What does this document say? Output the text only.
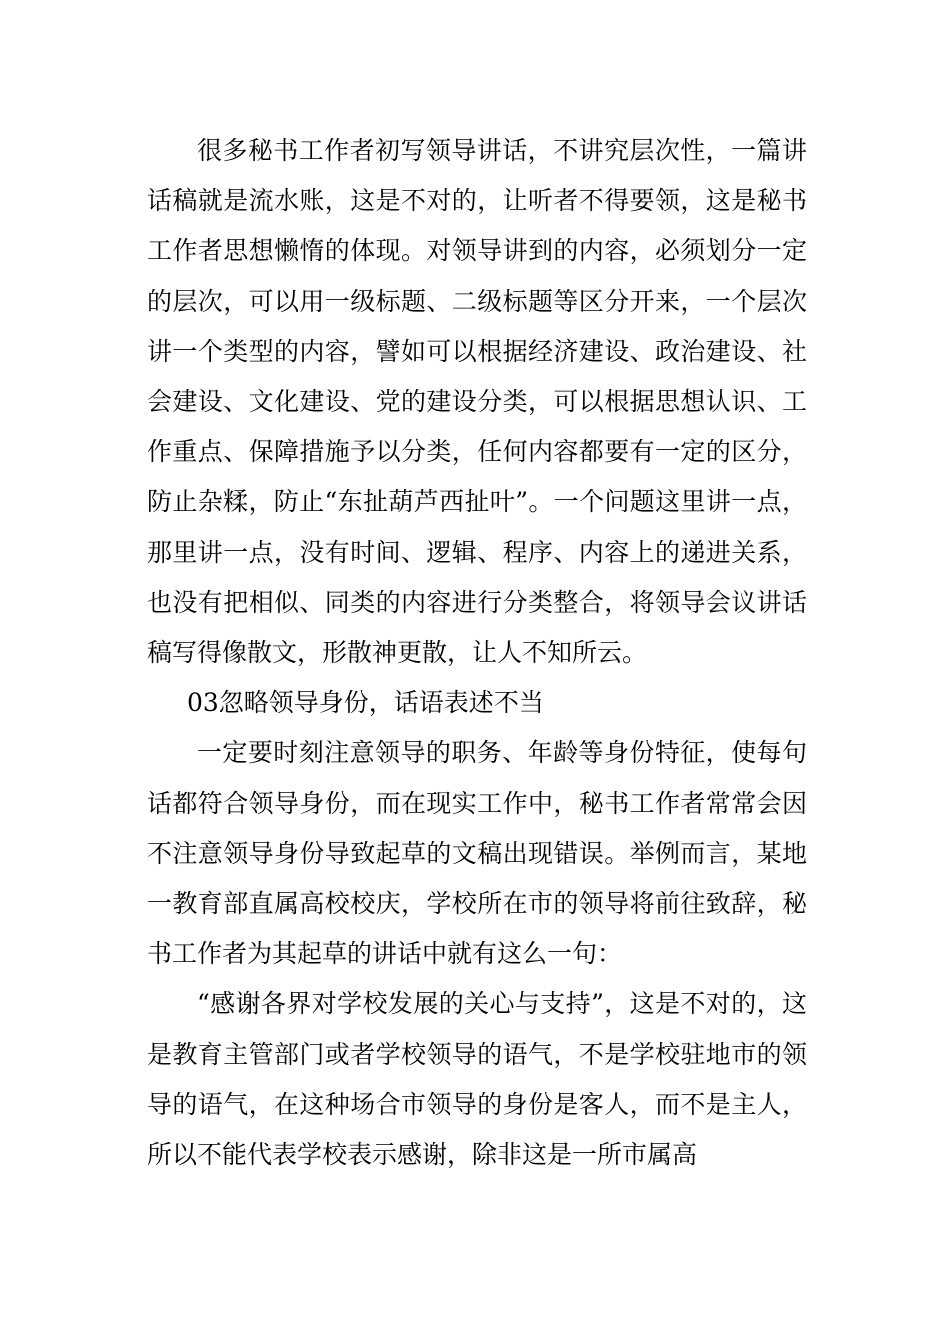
很多秘书工作者初写领导讲话，不讲究层次性，一篇讲话稿就是流水账，这是不对的，让听者不得要领，这是秘书工作者思想懒惰的体现。对领导讲到的内容，必须划分一定的层次，可以用一级标题、二级标题等区分开来，一个层次讲一个类型的内容，譬如可以根据经济建设、政治建设、社会建设、文化建设、党的建设分类，可以根据思想认识、工作重点、保障措施予以分类，任何内容都要有一定的区分，防止杂糅，防止“东扯葫芦西扯叶”。一个问题这里讲一点，那里讲一点，没有时间、逻辑、程序、内容上的递进关系，也没有把相似、同类的内容进行分类整合，将领导会议讲话稿写得像散文，形散神更散，让人不知所云。

03忽略领导身份，话语表述不当

一定要时刻注意领导的职务、年龄等身份特征，使每句话都符合领导身份，而在现实工作中，秘书工作者常常会因不注意领导身份导致起草的文稿出现错误。举例而言，某地一教育部直属高校校庆，学校所在市的领导将前往致辞，秘书工作者为其起草的讲话中就有这么一句：

“感谢各界对学校发展的关心与支持”，这是不对的，这是教育主管部门或者学校领导的语气，不是学校驻地市的领导的语气，在这种场合市领导的身份是客人，而不是主人，所以不能代表学校表示感谢，除非这是一所市属高
